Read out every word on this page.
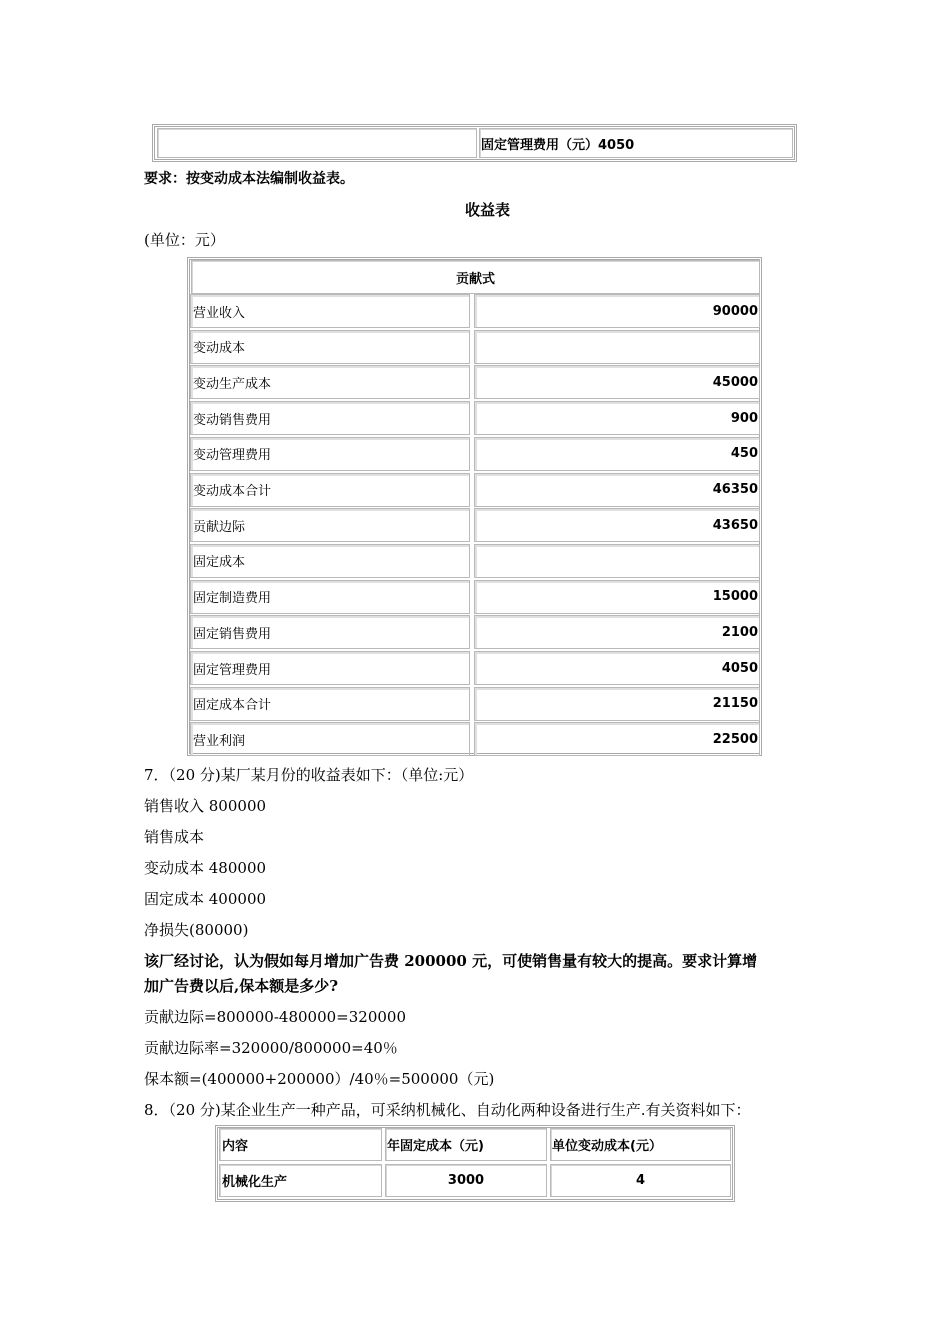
固定管理费用（元）4050
要求：按变动成本法编制收益表。
收益表
(单位：元）
贡献式
营业收入	90000
变动成本
变动生产成本	45000
变动销售费用	900
变动管理费用	450
变动成本合计	46350
贡献边际	43650
固定成本
固定制造费用	15000
固定销售费用	2100
固定管理费用	4050
固定成本合计	21150
营业利润	22500
7．（20 分)某厂某月份的收益表如下：（单位:元）
销售收入 800000
销售成本
变动成本 480000
固定成本 400000
净损失(80000)
该厂经讨论，认为假如每月增加广告费 200000 元，可使销售量有较大的提高。要求计算增
加广告费以后,保本额是多少?
贡献边际=800000-480000=320000
贡献边际率=320000/800000=40％
保本额=(400000+200000）/40％=500000（元)
8．（20 分)某企业生产一种产品，可采纳机械化、自动化两种设备进行生产.有关资料如下：
内容	年固定成本（元)	单位变动成本(元）
机械化生产	3000	4
